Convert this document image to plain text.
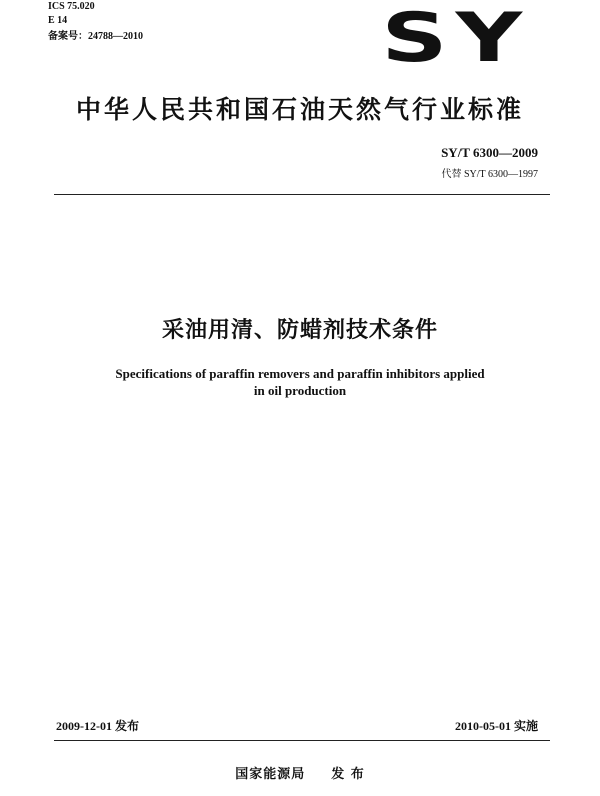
ICS 75.020
E 14
备案号：24788—2010	SY
中华人民共和国石油天然气行业标准
SY/T 6300—2009
代替 SY/T 6300—1997
采油用清、防蜡剂技术条件
Specifications of paraffin removers and paraffin inhibitors applied
in oil production
2009-12-01 发布	2010-05-01 实施
国家能源局 发 布
